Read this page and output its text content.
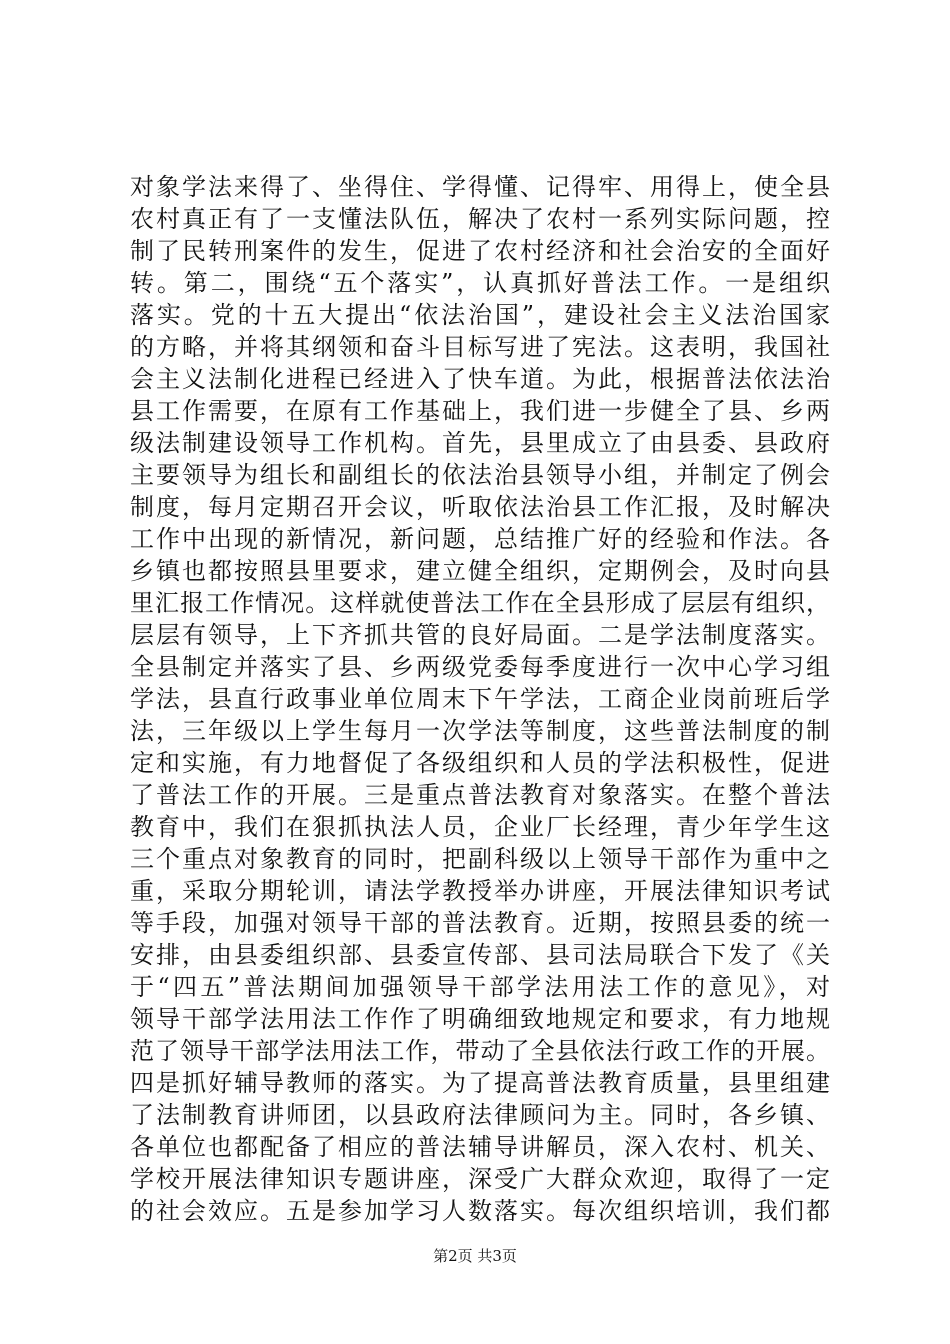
对象学法来得了、坐得住、学得懂、记得牢、用得上，使全县
农村真正有了一支懂法队伍，解决了农村一系列实际问题，控
制了民转刑案件的发生，促进了农村经济和社会治安的全面好
转。第二，围绕“五个落实”，认真抓好普法工作。一是组织
落实。党的十五大提出“依法治国”，建设社会主义法治国家
的方略，并将其纲领和奋斗目标写进了宪法。这表明，我国社
会主义法制化进程已经进入了快车道。为此，根据普法依法治
县工作需要，在原有工作基础上，我们进一步健全了县、乡两
级法制建设领导工作机构。首先，县里成立了由县委、县政府
主要领导为组长和副组长的依法治县领导小组，并制定了例会
制度，每月定期召开会议，听取依法治县工作汇报，及时解决
工作中出现的新情况，新问题，总结推广好的经验和作法。各
乡镇也都按照县里要求，建立健全组织，定期例会，及时向县
里汇报工作情况。这样就使普法工作在全县形成了层层有组织，
层层有领导，上下齐抓共管的良好局面。二是学法制度落实。
全县制定并落实了县、乡两级党委每季度进行一次中心学习组
学法，县直行政事业单位周末下午学法，工商企业岗前班后学
法，三年级以上学生每月一次学法等制度，这些普法制度的制
定和实施，有力地督促了各级组织和人员的学法积极性，促进
了普法工作的开展。三是重点普法教育对象落实。在整个普法
教育中，我们在狠抓执法人员，企业厂长经理，青少年学生这
三个重点对象教育的同时，把副科级以上领导干部作为重中之
重，采取分期轮训，请法学教授举办讲座，开展法律知识考试
等手段，加强对领导干部的普法教育。近期，按照县委的统一
安排，由县委组织部、县委宣传部、县司法局联合下发了《关
于“四五”普法期间加强领导干部学法用法工作的意见》，对
领导干部学法用法工作作了明确细致地规定和要求，有力地规
范了领导干部学法用法工作，带动了全县依法行政工作的开展。
四是抓好辅导教师的落实。为了提高普法教育质量，县里组建
了法制教育讲师团，以县政府法律顾问为主。同时，各乡镇、
各单位也都配备了相应的普法辅导讲解员，深入农村、机关、
学校开展法律知识专题讲座，深受广大群众欢迎，取得了一定
的社会效应。五是参加学习人数落实。每次组织培训，我们都
第2页 共3页
